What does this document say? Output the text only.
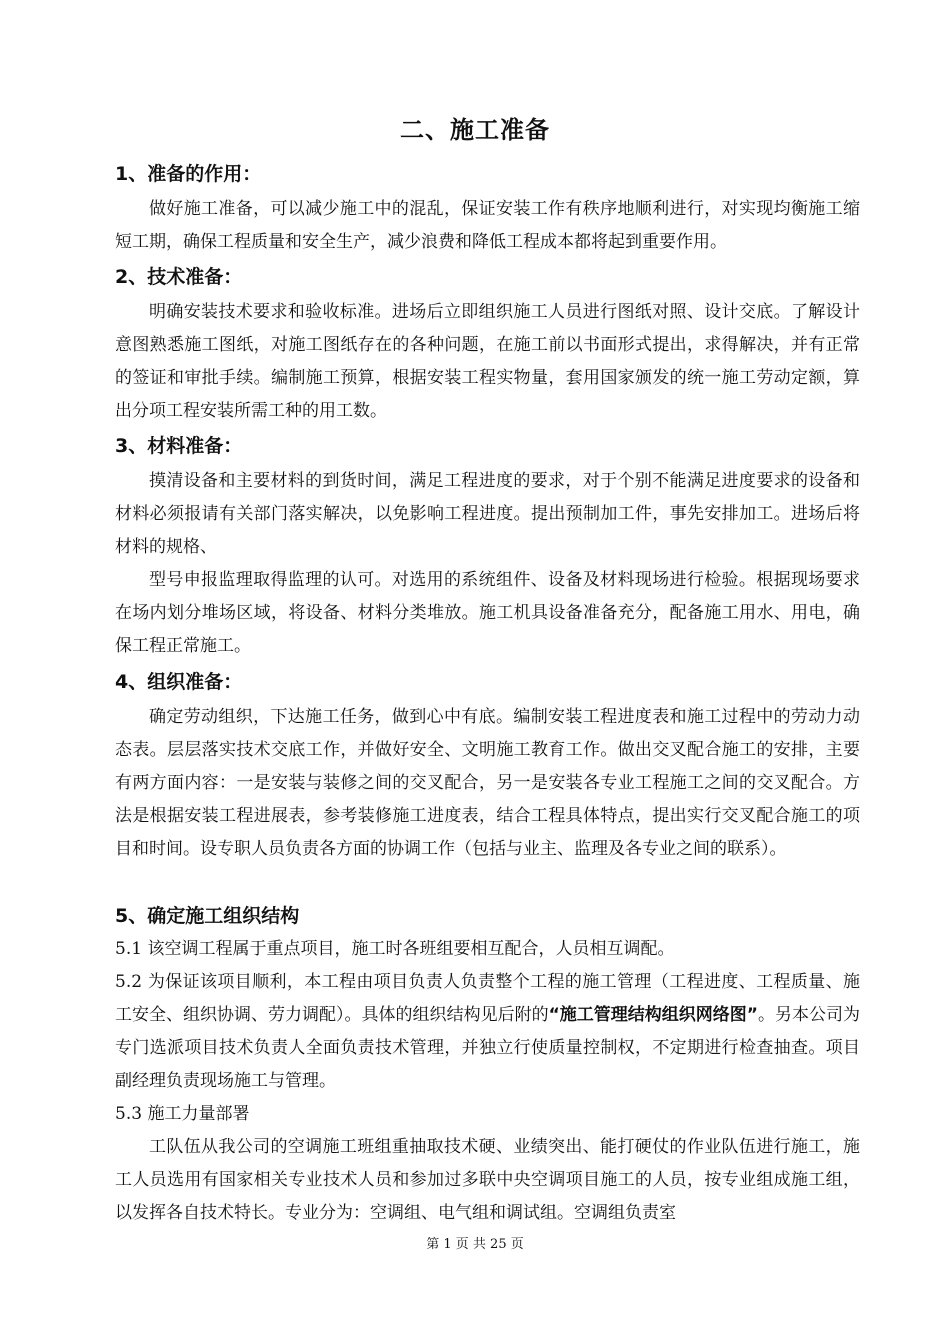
二、施工准备
1、准备的作用：
做好施工准备，可以减少施工中的混乱，保证安装工作有秩序地顺利进行，对实现均衡施工缩短工期，确保工程质量和安全生产，减少浪费和降低工程成本都将起到重要作用。
2、技术准备：
明确安装技术要求和验收标准。进场后立即组织施工人员进行图纸对照、设计交底。了解设计意图熟悉施工图纸，对施工图纸存在的各种问题，在施工前以书面形式提出，求得解决，并有正常的签证和审批手续。编制施工预算，根据安装工程实物量，套用国家颁发的统一施工劳动定额，算出分项工程安装所需工种的用工数。
3、材料准备：
摸清设备和主要材料的到货时间，满足工程进度的要求，对于个别不能满足进度要求的设备和材料必须报请有关部门落实解决，以免影响工程进度。提出预制加工件，事先安排加工。进场后将材料的规格、
型号申报监理取得监理的认可。对选用的系统组件、设备及材料现场进行检验。根据现场要求在场内划分堆场区域，将设备、材料分类堆放。施工机具设备准备充分，配备施工用水、用电，确保工程正常施工。
4、组织准备：
确定劳动组织，下达施工任务，做到心中有底。编制安装工程进度表和施工过程中的劳动力动态表。层层落实技术交底工作，并做好安全、文明施工教育工作。做出交叉配合施工的安排，主要有两方面内容：一是安装与装修之间的交叉配合，另一是安装各专业工程施工之间的交叉配合。方法是根据安装工程进展表，参考装修施工进度表，结合工程具体特点，提出实行交叉配合施工的项目和时间。设专职人员负责各方面的协调工作（包括与业主、监理及各专业之间的联系）。
5、确定施工组织结构
5.1 该空调工程属于重点项目，施工时各班组要相互配合，人员相互调配。
5.2 为保证该项目顺利，本工程由项目负责人负责整个工程的施工管理（工程进度、工程质量、施工安全、组织协调、劳力调配）。具体的组织结构见后附的“施工管理结构组织网络图”。另本公司为专门选派项目技术负责人全面负责技术管理，并独立行使质量控制权，不定期进行检查抽查。项目副经理负责现场施工与管理。
5.3 施工力量部署
工队伍从我公司的空调施工班组重抽取技术硬、业绩突出、能打硬仗的作业队伍进行施工，施工人员选用有国家相关专业技术人员和参加过多联中央空调项目施工的人员，按专业组成施工组，以发挥各自技术特长。专业分为：空调组、电气组和调试组。空调组负责室
第 1 页 共 25 页
